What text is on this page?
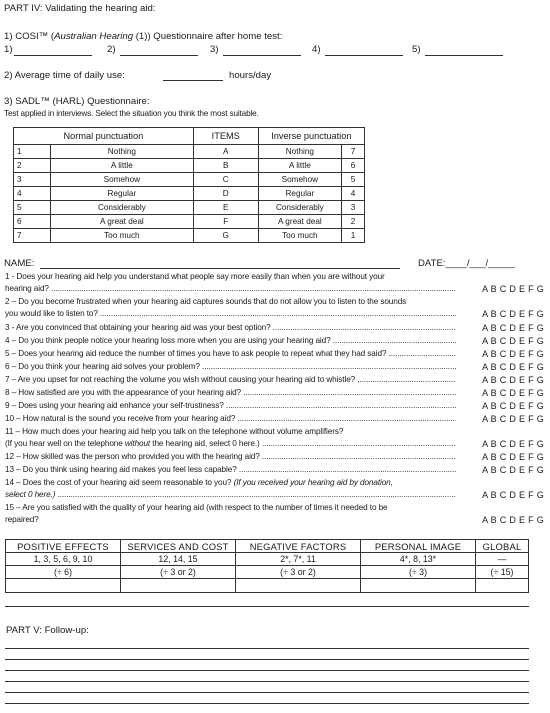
PART IV: Validating the hearing aid:
1) COSI™ (Australian Hearing (1)) Questionnaire after home test:
1)	2)	3)	4)	5)
2) Average time of daily use:	hours/day
3) SADL™ (HARL) Questionnaire:
Test applied in interviews. Select the situation you think the most suitable.
Normal punctuation		ITEMS	Inverse punctuation	
1	Nothing	A	Nothing	7
2	A little	B	A little	6
3	Somehow	C	Somehow	5
4	Regular	D	Regular	4
5	Considerably	E	Considerably	3
6	A great deal	F	A great deal	2
7	Too much	G	Too much	1
NAME:	DATE:____/___/_____
1 - Does your hearing aid help you understand what people say more easily than when you are without your
hearing aid? .....	A B C D E F G
2 – Do you become frustrated when your hearing aid captures sounds that do not allow you to listen to the sounds
you would like to listen to? .....	A B C D E F G
3 - Are you convinced that obtaining your hearing aid was your best option? .....	A B C D E F G
4 – Do you think people notice your hearing loss more when you are using your hearing aid? .....	A B C D E F G
5 – Does your hearing aid reduce the number of times you have to ask people to repeat what they had said? .....	A B C D E F G
6 – Do you think your hearing aid solves your problem? .....	A B C D E F G
7 – Are you upset for not reaching the volume you wish without causing your hearing aid to whistle? .....	A B C D E F G
8 – How satisfied are you with the appearance of your hearing aid? .....	A B C D E F G
9 – Does using your hearing aid enhance your self-trustiness? .....	A B C D E F G
10 – How natural is the sound you receive from your hearing aid? .....	A B C D E F G
11 – How much does your hearing aid help you talk on the telephone without volume amplifiers?
(If you hear well on the telephone without the hearing aid, select 0 here.) .....	A B C D E F G
12 – How skilled was the person who provided you with the hearing aid? .....	A B C D E F G
13 – Do you think using hearing aid makes you feel less capable? .....	A B C D E F G
14 – Does the cost of your hearing aid seem reasonable to you? (If you received your hearing aid by donation,
select 0 here.) .....	A B C D E F G
15 – Are you satisfied with the quality of your hearing aid (with respect to the number of times it needed to be
repaired?	A B C D E F G
POSITIVE EFFECTS	SERVICES AND COST	NEGATIVE FACTORS	PERSONAL IMAGE	GLOBAL
1, 3, 5, 6, 9, 10	12, 14, 15	2*, 7*, 11	4*, 8, 13*	—
(÷ 6)	(÷ 3 or 2)	(÷ 3 or 2)	(÷ 3)	(÷ 15)

PART V: Follow-up:
